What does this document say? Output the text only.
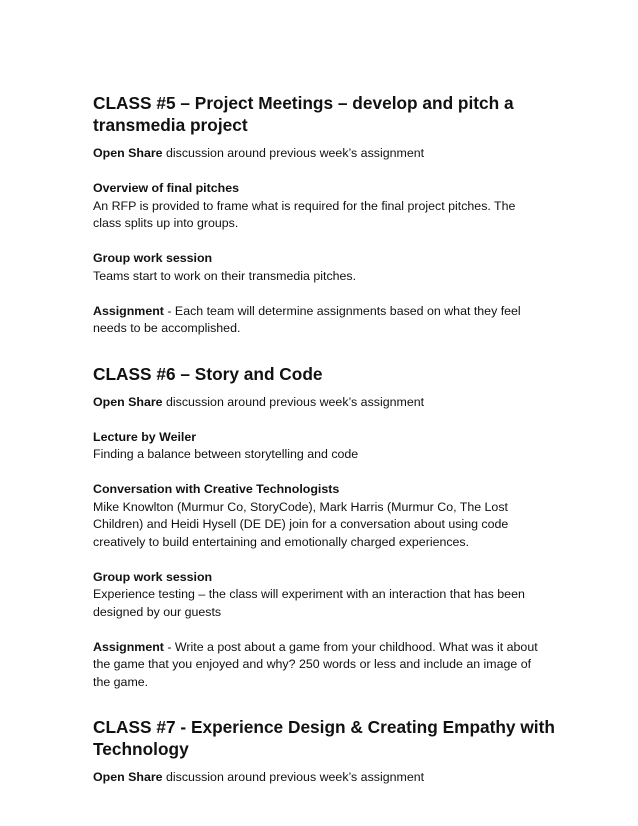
CLASS #5 – Project Meetings – develop and pitch a
transmedia project

Open Share discussion around previous week’s assignment

Overview of final pitches
An RFP is provided to frame what is required for the final project pitches. The
class splits up into groups.

Group work session
Teams start to work on their transmedia pitches.

Assignment - Each team will determine assignments based on what they feel
needs to be accomplished.

CLASS #6 – Story and Code

Open Share discussion around previous week’s assignment

Lecture by Weiler
Finding a balance between storytelling and code

Conversation with Creative Technologists
Mike Knowlton (Murmur Co, StoryCode), Mark Harris (Murmur Co, The Lost
Children) and Heidi Hysell (DE DE) join for a conversation about using code
creatively to build entertaining and emotionally charged experiences.

Group work session
Experience testing – the class will experiment with an interaction that has been
designed by our guests

Assignment - Write a post about a game from your childhood. What was it about
the game that you enjoyed and why? 250 words or less and include an image of
the game.

CLASS #7 - Experience Design & Creating Empathy with
Technology

Open Share discussion around previous week’s assignment
